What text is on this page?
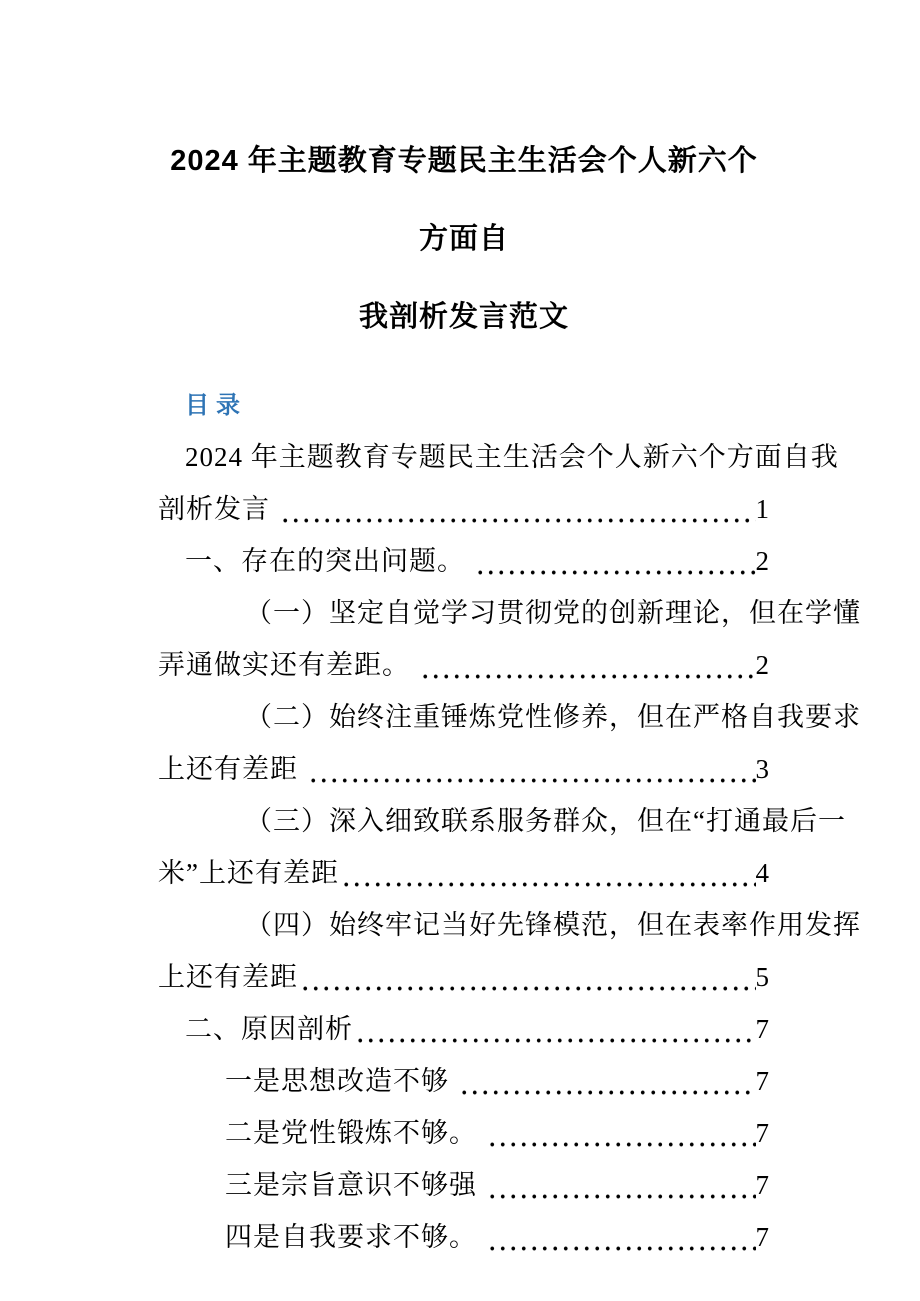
2024 年主题教育专题民主生活会个人新六个方面自
我剖析发言范文
目录
2024 年主题教育专题民主生活会个人新六个方面自我
剖析发言	1
一、存在的突出问题。	2
（一）坚定自觉学习贯彻党的创新理论，但在学懂
弄通做实还有差距。	2
（二）始终注重锤炼党性修养，但在严格自我要求
上还有差距	3
（三）深入细致联系服务群众，但在“打通最后一
米”上还有差距	4
（四）始终牢记当好先锋模范，但在表率作用发挥
上还有差距	5
二、原因剖析	7
一是思想改造不够	7
二是党性锻炼不够。	7
三是宗旨意识不够强	7
四是自我要求不够。	7
